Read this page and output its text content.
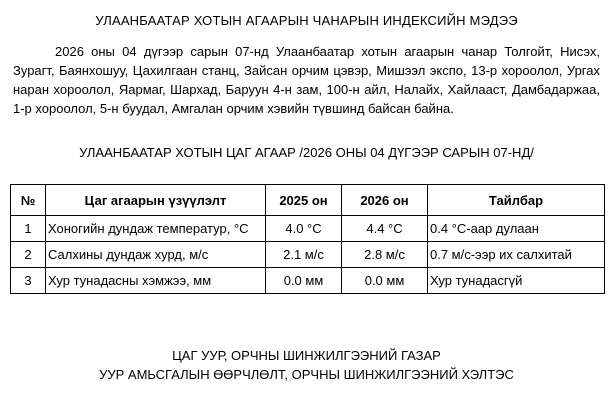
УЛААНБААТАР ХОТЫН АГААРЫН ЧАНАРЫН ИНДЕКСИЙН МЭДЭЭ

2026 оны 04 дүгээр сарын 07-нд Улаанбаатар хотын агаарын чанар Толгойт, Нисэх, Зурагт, Баянхошуу, Цахилгаан станц, Зайсан орчим цэвэр, Мишээл экспо, 13-р хороолол, Ургах наран хороолол, Яармаг, Шархад, Баруун 4-н зам, 100-н айл, Налайх, Хайлааст, Дамбадаржаа, 1-р хороолол, 5-н буудал, Амгалан орчим хэвийн түвшинд байсан байна.

УЛААНБААТАР ХОТЫН ЦАГ АГААР /2026 ОНЫ 04 ДҮГЭЭР САРЫН 07-НД/
№	Цаг агаарын үзүүлэлт	2025 он	2026 он	Тайлбар
1	Хоногийн дундаж температур, °С	4.0 °С	4.4 °С	0.4 °С-аар дулаан
2	Салхины дундаж хурд, м/с	2.1 м/с	2.8 м/с	0.7 м/с-ээр их салхитай
3	Хур тунадасны хэмжээ, мм	0.0 мм	0.0 мм	Хур тунадасгүй
ЦАГ УУР, ОРЧНЫ ШИНЖИЛГЭЭНИЙ ГАЗАР
УУР АМЬСГАЛЫН ӨӨРЧЛӨЛТ, ОРЧНЫ ШИНЖИЛГЭЭНИЙ ХЭЛТЭС
